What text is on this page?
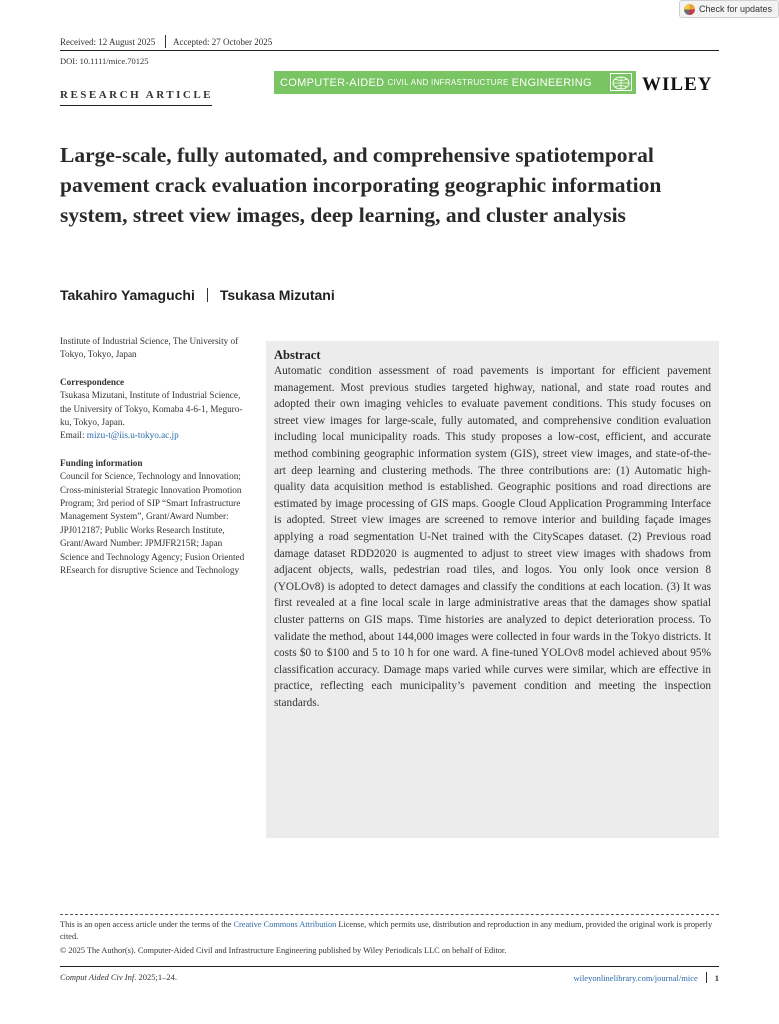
Check for updates
Received: 12 August 2025 Accepted: 27 October 2025
DOI: 10.1111/mice.70125
COMPUTER-AIDED CIVIL AND INFRASTRUCTURE ENGINEERING	WILEY
RESEARCH ARTICLE
Large-scale, fully automated, and comprehensive spatiotemporal pavement crack evaluation incorporating geographic information system, street view images, deep learning, and cluster analysis
Takahiro Yamaguchi Tsukasa Mizutani
Institute of Industrial Science, The University of Tokyo, Tokyo, Japan
Correspondence
Tsukasa Mizutani, Institute of Industrial Science, the University of Tokyo, Komaba 4-6-1, Meguro-ku, Tokyo, Japan.
Email: mizu-t@iis.u-tokyo.ac.jp
Funding information
Council for Science, Technology and Innovation; Cross-ministerial Strategic Innovation Promotion Program; 3rd period of SIP “Smart Infrastructure Management System”, Grant/Award Number: JPJ012187; Public Works Research Institute, Grant/Award Number: JPMJFR215R; Japan Science and Technology Agency; Fusion Oriented REsearch for disruptive Science and Technology
Abstract

Automatic condition assessment of road pavements is important for efficient pavement management. Most previous studies targeted highway, national, and state road routes and adopted their own imaging vehicles to evaluate pavement conditions. This study focuses on street view images for large-scale, fully automated, and comprehensive condition evaluation including local municipality roads. This study proposes a low-cost, efficient, and accurate method combining geographic information system (GIS), street view images, and state-of-the-art deep learning and clustering methods. The three contributions are: (1) Automatic high-quality data acquisition method is established. Geographic positions and road directions are estimated by image processing of GIS maps. Google Cloud Application Programming Interface is adopted. Street view images are screened to remove interior and building façade images applying a road segmentation U-Net trained with the CityScapes dataset. (2) Previous road damage dataset RDD2020 is augmented to adjust to street view images with shadows from adjacent objects, walls, pedestrian road tiles, and logos. You only look once version 8 (YOLOv8) is adopted to detect damages and classify the conditions at each location. (3) It was first revealed at a fine local scale in large administrative areas that the damages show spatial cluster patterns on GIS maps. Time histories are analyzed to depict deterioration process. To validate the method, about 144,000 images were collected in four wards in the Tokyo districts. It costs $0 to $100 and 5 to 10 h for one ward. A fine-tuned YOLOv8 model achieved about 95% classification accuracy. Damage maps varied while curves were similar, which are effective in practice, reflecting each municipality’s pavement condition and meeting the inspection standards.

This is an open access article under the terms of the Creative Commons Attribution License, which permits use, distribution and reproduction in any medium, provided the original work is properly cited.
© 2025 The Author(s). Computer-Aided Civil and Infrastructure Engineering published by Wiley Periodicals LLC on behalf of Editor.
Comput Aided Civ Inf. 2025;1–24.	wileyonlinelibrary.com/journal/mice 1
